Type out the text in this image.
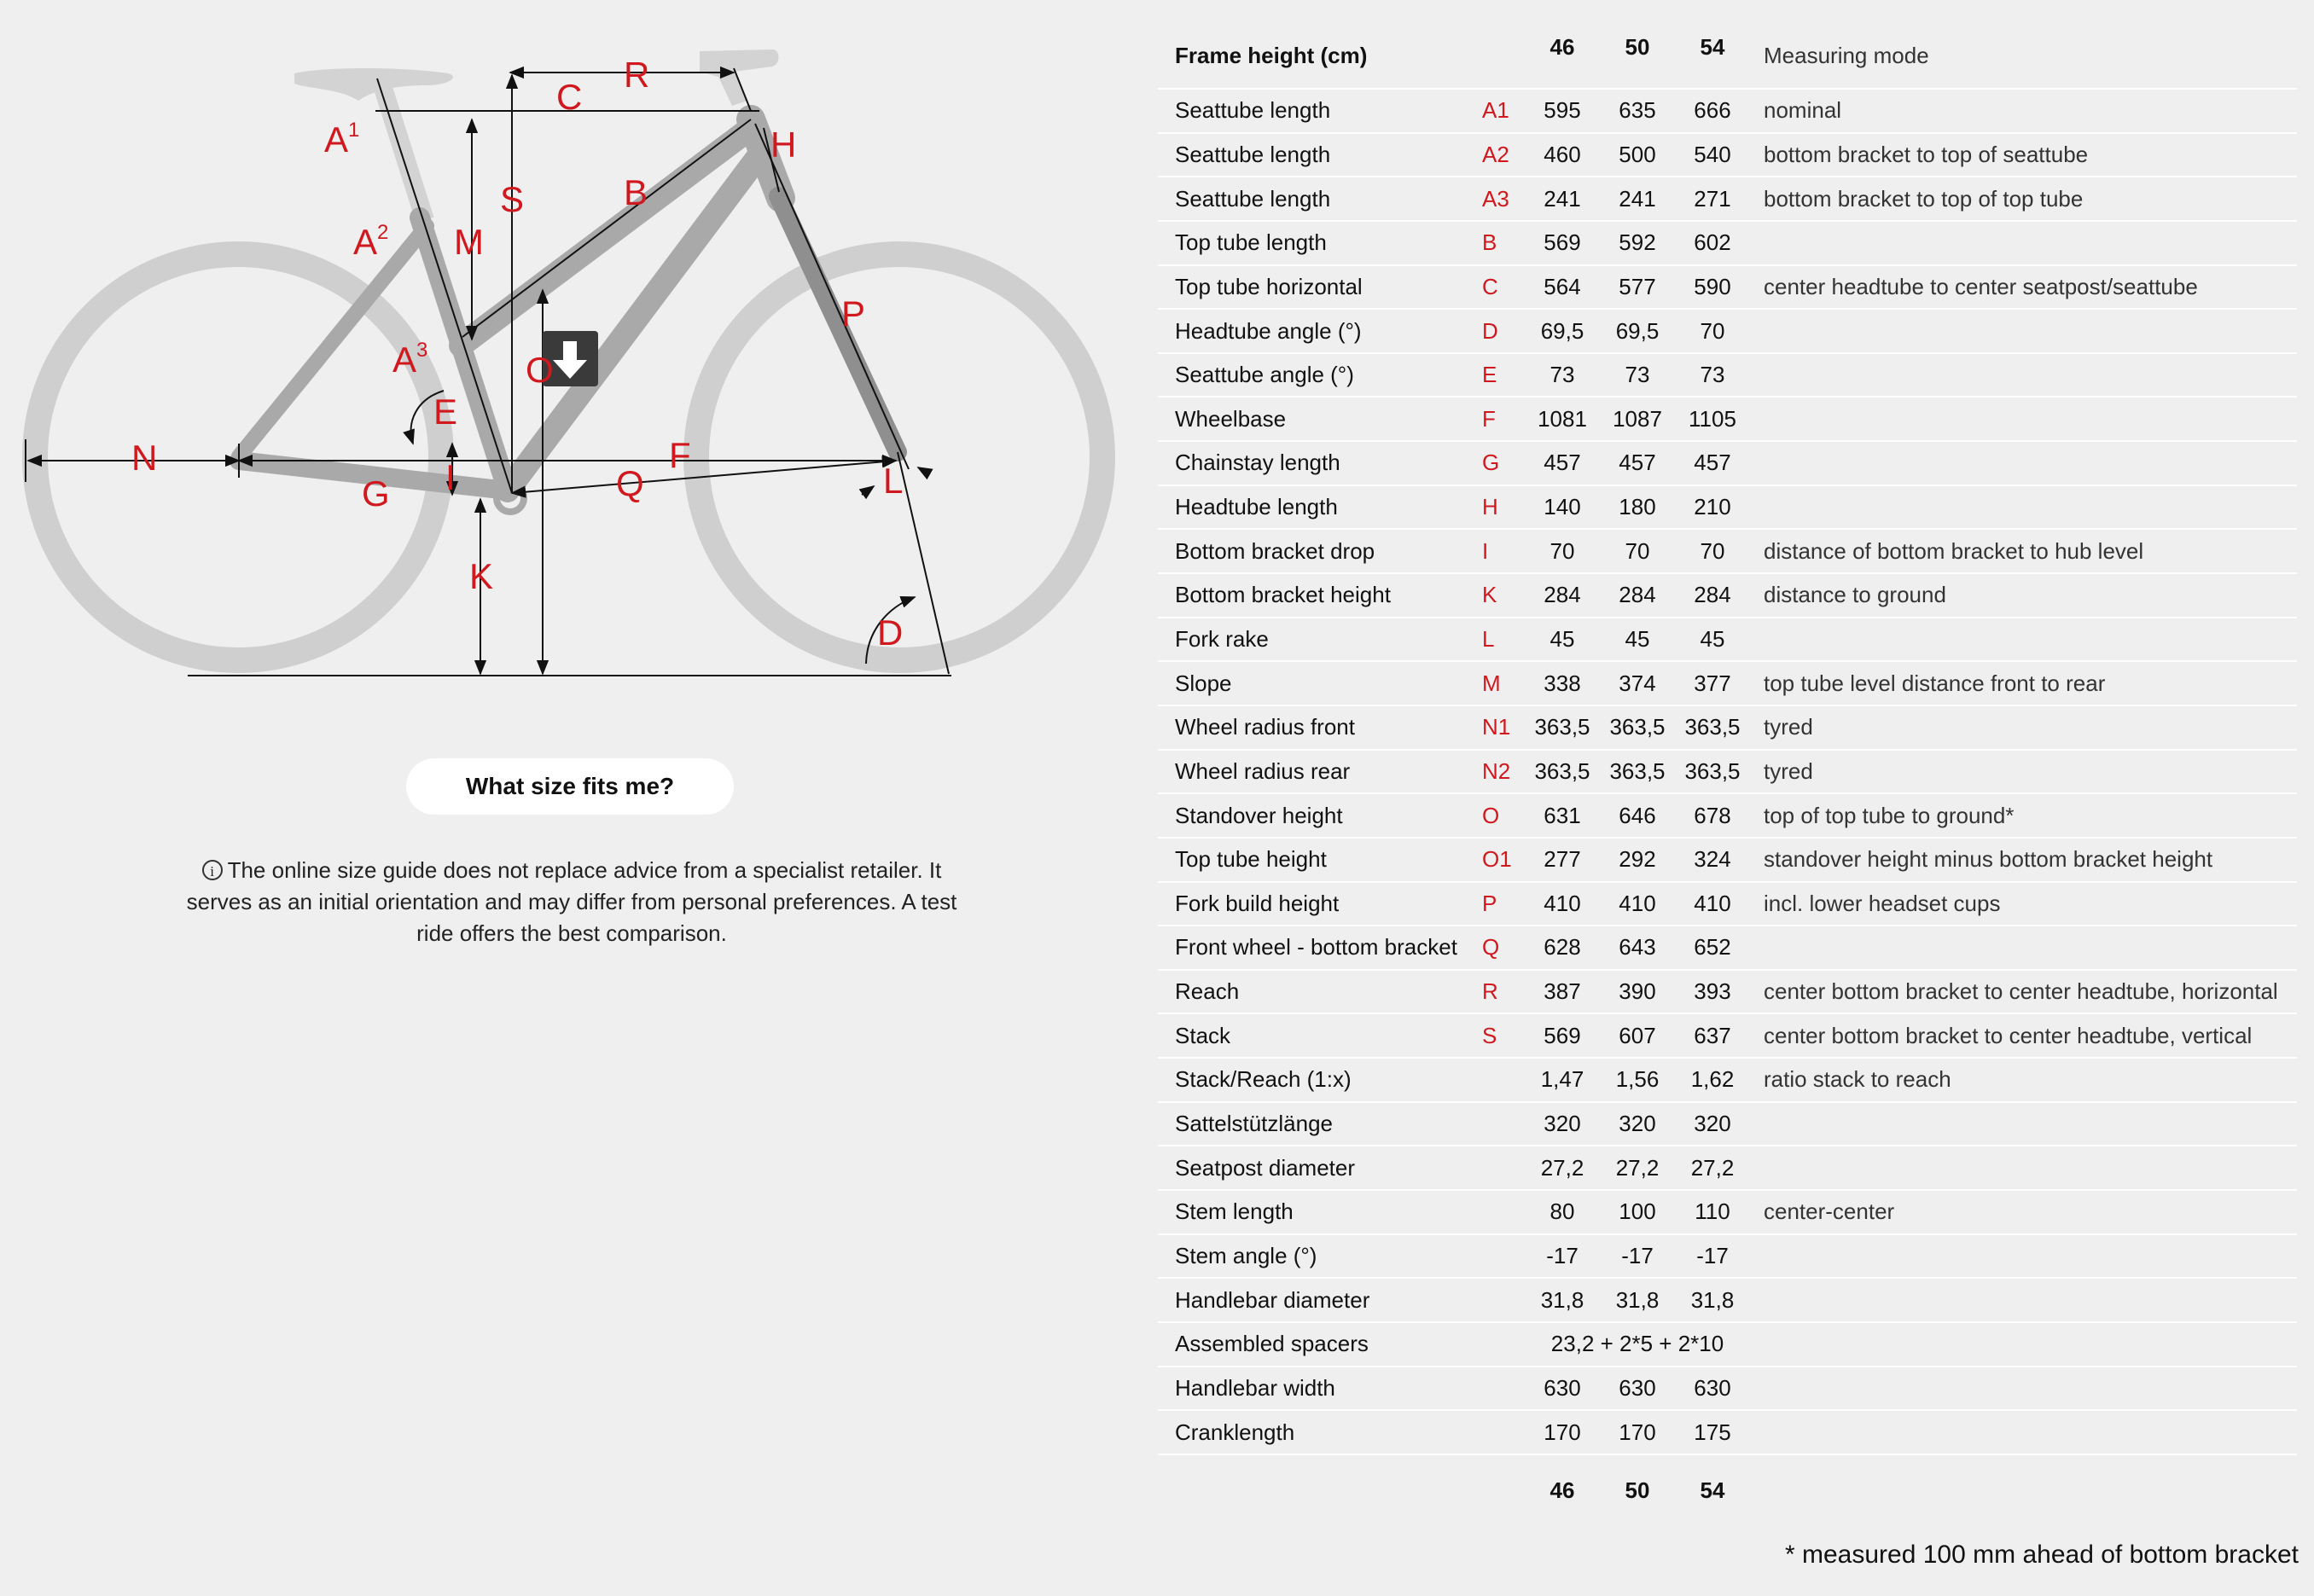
$A^1$
$A^2$
$A^3$
B
C
D
E
F
G
H
I
K
L
M
N
O
P
Q
R
S
What size fits me?
i The online size guide does not replace advice from a specialist retailer. It serves as an initial orientation and may differ from personal preferences. A test ride offers the best comparison.
Frame height (cm)		46	50	54	Measuring mode
Seattube length	A1	595	635	666	nominal
Seattube length	A2	460	500	540	bottom bracket to top of seattube
Seattube length	A3	241	241	271	bottom bracket to top of top tube
Top tube length	B	569	592	602	
Top tube horizontal	C	564	577	590	center headtube to center seatpost/seattube
Headtube angle (°)	D	69,5	69,5	70	
Seattube angle (°)	E	73	73	73	
Wheelbase	F	1081	1087	1105	
Chainstay length	G	457	457	457	
Headtube length	H	140	180	210	
Bottom bracket drop	I	70	70	70	distance of bottom bracket to hub level
Bottom bracket height	K	284	284	284	distance to ground
Fork rake	L	45	45	45	
Slope	M	338	374	377	top tube level distance front to rear
Wheel radius front	N1	363,5	363,5	363,5	tyred
Wheel radius rear	N2	363,5	363,5	363,5	tyred
Standover height	O	631	646	678	top of top tube to ground*
Top tube height	O1	277	292	324	standover height minus bottom bracket height
Fork build height	P	410	410	410	incl. lower headset cups
Front wheel - bottom bracket	Q	628	643	652	
Reach	R	387	390	393	center bottom bracket to center headtube, horizontal
Stack	S	569	607	637	center bottom bracket to center headtube, vertical
Stack/Reach (1:x)		1,47	1,56	1,62	ratio stack to reach
Sattelstützlänge		320	320	320	
Seatpost diameter		27,2	27,2	27,2	
Stem length		80	100	110	center-center
Stem angle (°)		-17	-17	-17	
Handlebar diameter		31,8	31,8	31,8	
Assembled spacers		23,2 + 2*5 + 2*10			
Handlebar width		630	630	630	
Cranklength		170	170	175	
		46	50	54	
* measured 100 mm ahead of bottom bracket
